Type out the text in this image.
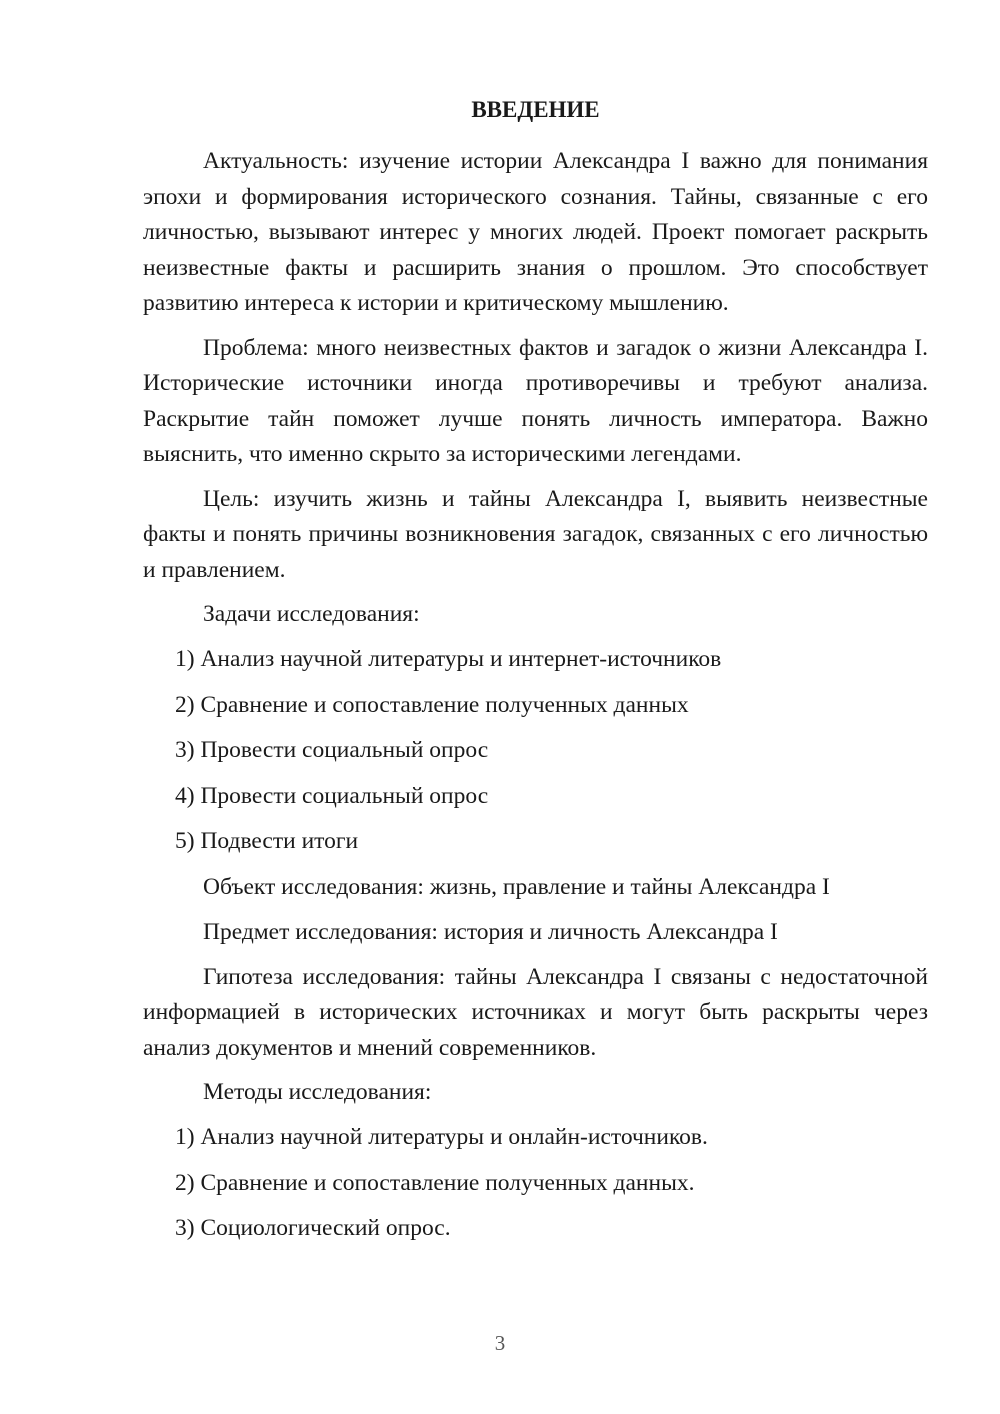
ВВЕДЕНИЕ

Актуальность: изучение истории Александра I важно для понимания эпохи и формирования исторического сознания. Тайны, связанные с его личностью, вызывают интерес у многих людей. Проект помогает раскрыть неизвестные факты и расширить знания о прошлом. Это способствует развитию интереса к истории и критическому мышлению.

Проблема: много неизвестных фактов и загадок о жизни Александра I. Исторические источники иногда противоречивы и требуют анализа. Раскрытие тайн поможет лучше понять личность императора. Важно выяснить, что именно скрыто за историческими легендами.

Цель: изучить жизнь и тайны Александра I, выявить неизвестные факты и понять причины возникновения загадок, связанных с его личностью и правлением.

Задачи исследования:
1) Анализ научной литературы и интернет-источников
2) Сравнение и сопоставление полученных данных
3) Провести социальный опрос
4) Провести социальный опрос
5) Подвести итоги
Объект исследования: жизнь, правление и тайны Александра I
Предмет исследования: история и личность Александра I

Гипотеза исследования: тайны Александра I связаны с недостаточной информацией в исторических источниках и могут быть раскрыты через анализ документов и мнений современников.

Методы исследования:
1) Анализ научной литературы и онлайн-источников.
2) Сравнение и сопоставление полученных данных.
3) Социологический опрос.
3
